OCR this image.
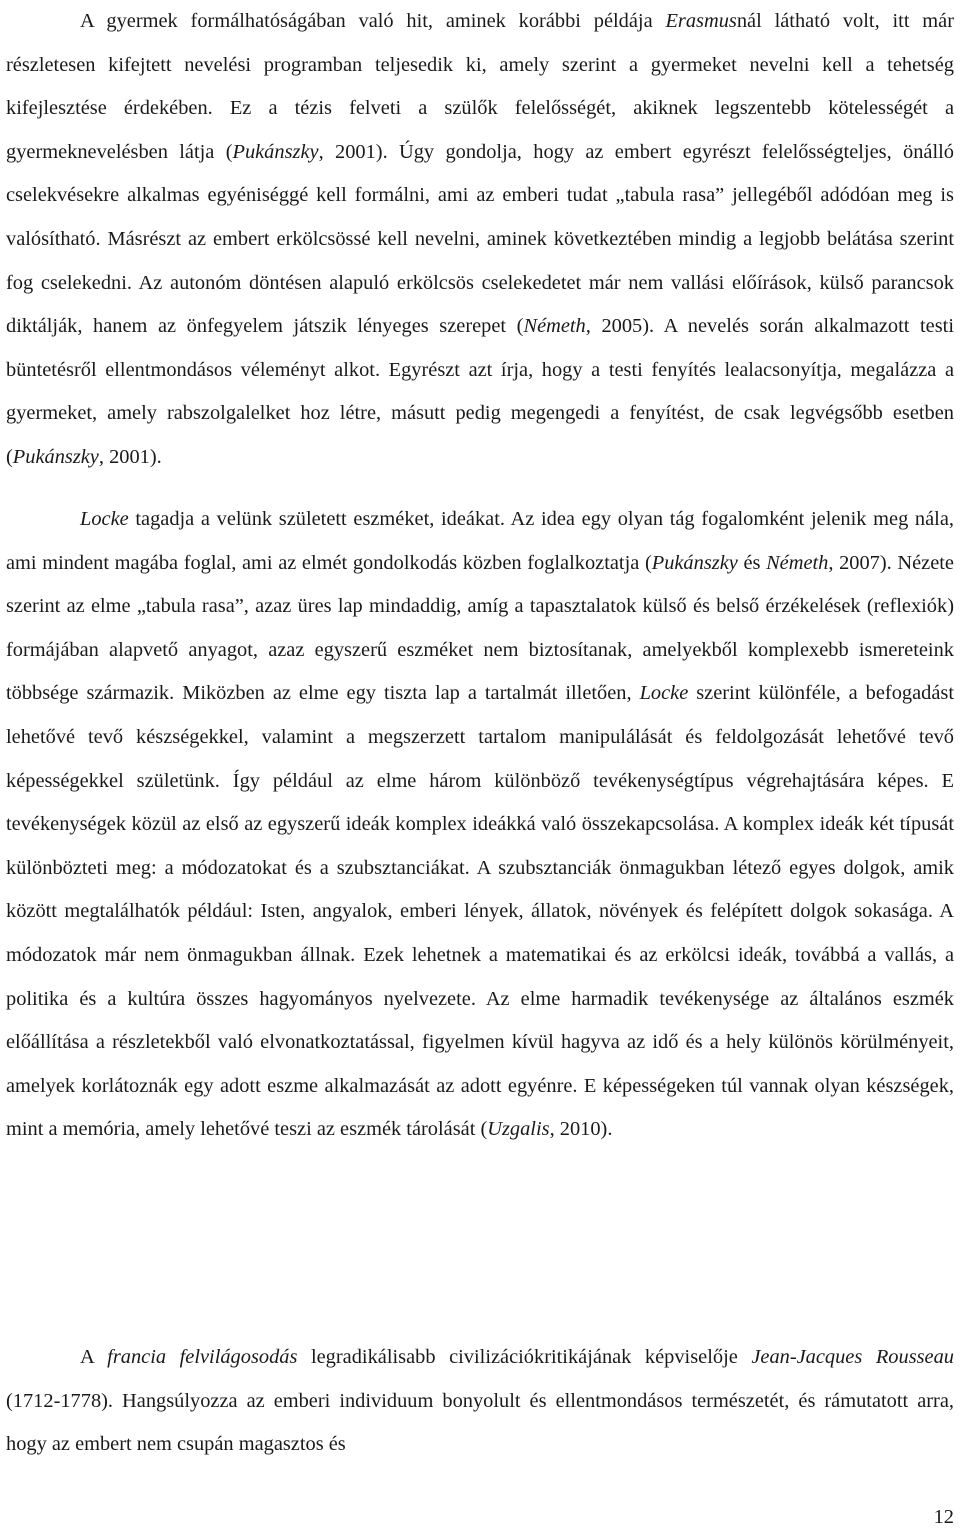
A gyermek formálhatóságában való hit, aminek korábbi példája Erasmusnál látható volt, itt már részletesen kifejtett nevelési programban teljesedik ki, amely szerint a gyermeket nevelni kell a tehetség kifejlesztése érdekében. Ez a tézis felveti a szülők felelősségét, akiknek legszentebb kötelességét a gyermeknevelésben látja (Pukánszky, 2001). Úgy gondolja, hogy az embert egyrészt felelősségteljes, önálló cselekvésekre alkalmas egyéniséggé kell formálni, ami az emberi tudat „tabula rasa” jellegéből adódóan meg is valósítható. Másrészt az embert erkölcsössé kell nevelni, aminek következtében mindig a legjobb belátása szerint fog cselekedni. Az autonóm döntésen alapuló erkölcsös cselekedetet már nem vallási előírások, külső parancsok diktálják, hanem az önfegyelem játszik lényeges szerepet (Németh, 2005). A nevelés során alkalmazott testi büntetésről ellentmondásos véleményt alkot. Egyrészt azt írja, hogy a testi fenyítés lealacsonyítja, megalázza a gyermeket, amely rabszolgalelket hoz létre, másutt pedig megengedi a fenyítést, de csak legvégsőbb esetben (Pukánszky, 2001).

Locke tagadja a velünk született eszméket, ideákat. Az idea egy olyan tág fogalomként jelenik meg nála, ami mindent magába foglal, ami az elmét gondolkodás közben foglalkoztatja (Pukánszky és Németh, 2007). Nézete szerint az elme „tabula rasa”, azaz üres lap mindaddig, amíg a tapasztalatok külső és belső érzékelések (reflexiók) formájában alapvető anyagot, azaz egyszerű eszméket nem biztosítanak, amelyekből komplexebb ismereteink többsége származik. Miközben az elme egy tiszta lap a tartalmát illetően, Locke szerint különféle, a befogadást lehetővé tevő készségekkel, valamint a megszerzett tartalom manipulálását és feldolgozását lehetővé tevő képességekkel születünk. Így például az elme három különböző tevékenységtípus végrehajtására képes. E tevékenységek közül az első az egyszerű ideák komplex ideákká való összekapcsolása. A komplex ideák két típusát különbözteti meg: a módozatokat és a szubsztanciákat. A szubsztanciák önmagukban létező egyes dolgok, amik között megtalálhatók például: Isten, angyalok, emberi lények, állatok, növények és felépített dolgok sokasága. A módozatok már nem önmagukban állnak. Ezek lehetnek a matematikai és az erkölcsi ideák, továbbá a vallás, a politika és a kultúra összes hagyományos nyelvezete. Az elme harmadik tevékenysége az általános eszmék előállítása a részletekből való elvonatkoztatással, figyelmen kívül hagyva az idő és a hely különös körülményeit, amelyek korlátoznák egy adott eszme alkalmazását az adott egyénre. E képességeken túl vannak olyan készségek, mint a memória, amely lehetővé teszi az eszmék tárolását (Uzgalis, 2010).

A francia felvilágosodás legradikálisabb civilizációkritikájának képviselője Jean-Jacques Rousseau (1712-1778). Hangsúlyozza az emberi individuum bonyolult és ellentmondásos természetét, és rámutatott arra, hogy az embert nem csupán magasztos és

12
